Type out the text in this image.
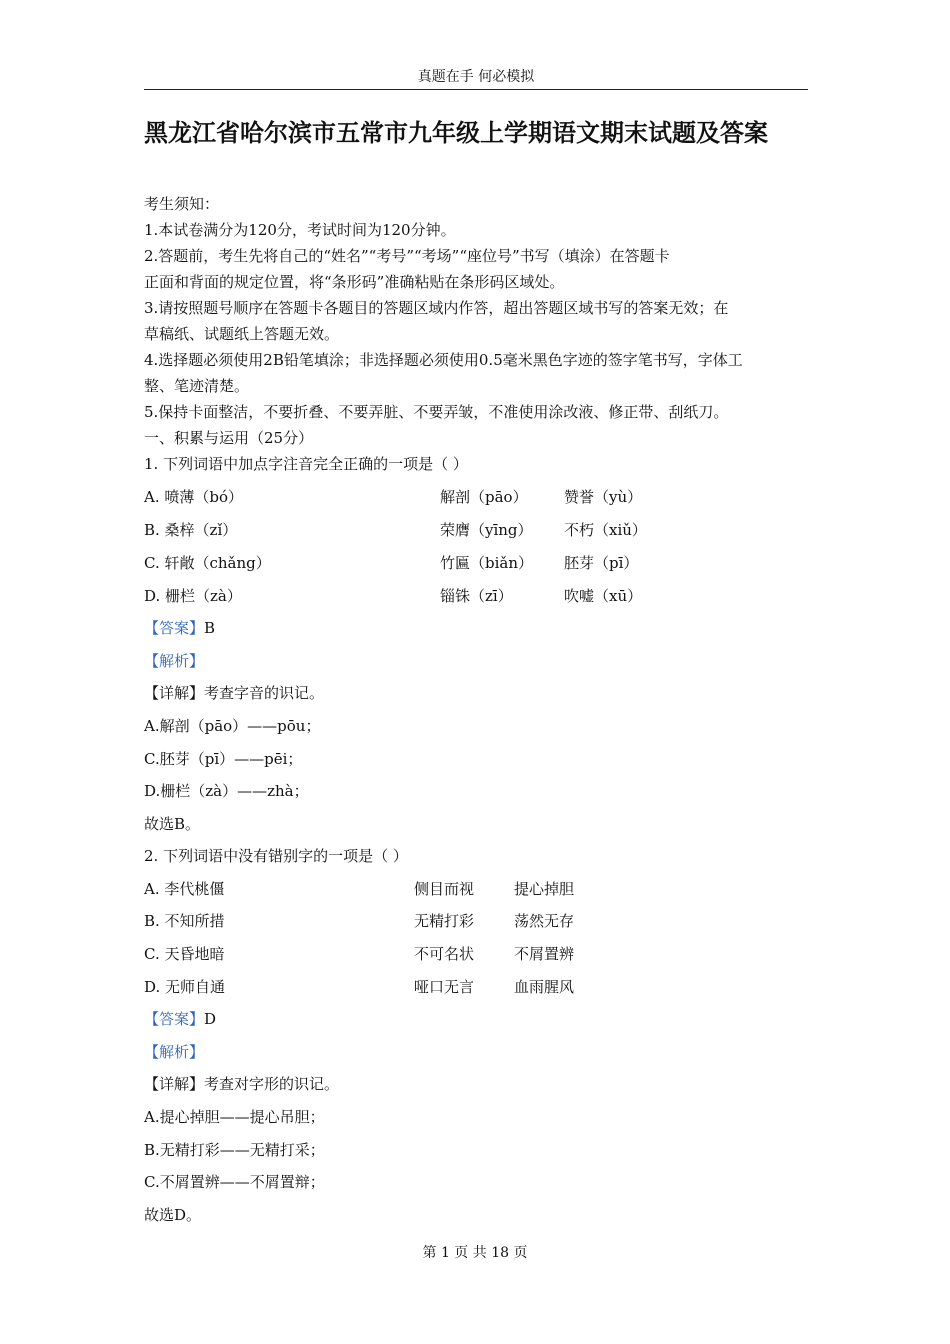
真题在手 何必模拟
黑龙江省哈尔滨市五常市九年级上学期语文期末试题及答案
考生须知：
1.本试卷满分为120分，考试时间为120分钟。
2.答题前，考生先将自己的“姓名”“考号”“考场”“座位号”书写（填涂）在答题卡
正面和背面的规定位置，将“条形码”准确粘贴在条形码区域处。
3.请按照题号顺序在答题卡各题目的答题区域内作答，超出答题区域书写的答案无效；在
草稿纸、试题纸上答题无效。
4.选择题必须使用2B铅笔填涂；非选择题必须使用0.5毫米黑色字迹的签字笔书写，字体工
整、笔迹清楚。
5.保持卡面整洁，不要折叠、不要弄脏、不要弄皱，不准使用涂改液、修正带、刮纸刀。
一、积累与运用（25分）
1. 下列词语中加点字注音完全正确的一项是（ ）
A. 喷薄（bó）	解剖（pāo） 赞誉（yù）
B. 桑梓（zǐ）	荣膺（yīng） 不朽（xiǔ）
C. 轩敞（chǎng）	竹匾（biǎn） 胚芽（pī）
D. 栅栏（zà）	锱铢（zī）	吹嘘（xū）
【答案】B
【解析】
【详解】考查字音的识记。
A.解剖（pāo）——pōu；
C.胚芽（pī）——pēi；
D.栅栏（zà）——zhà；
故选B。
2. 下列词语中没有错别字的一项是（ ）
A. 李代桃僵	侧目而视	提心掉胆
B. 不知所措	无精打彩	荡然无存
C. 天昏地暗	不可名状	不屑置辨
D. 无师自通	哑口无言	血雨腥风
【答案】D
【解析】
【详解】考查对字形的识记。
A.提心掉胆——提心吊胆；
B.无精打彩——无精打采；
C.不屑置辨——不屑置辩；
故选D。
第 1 页 共 18 页
